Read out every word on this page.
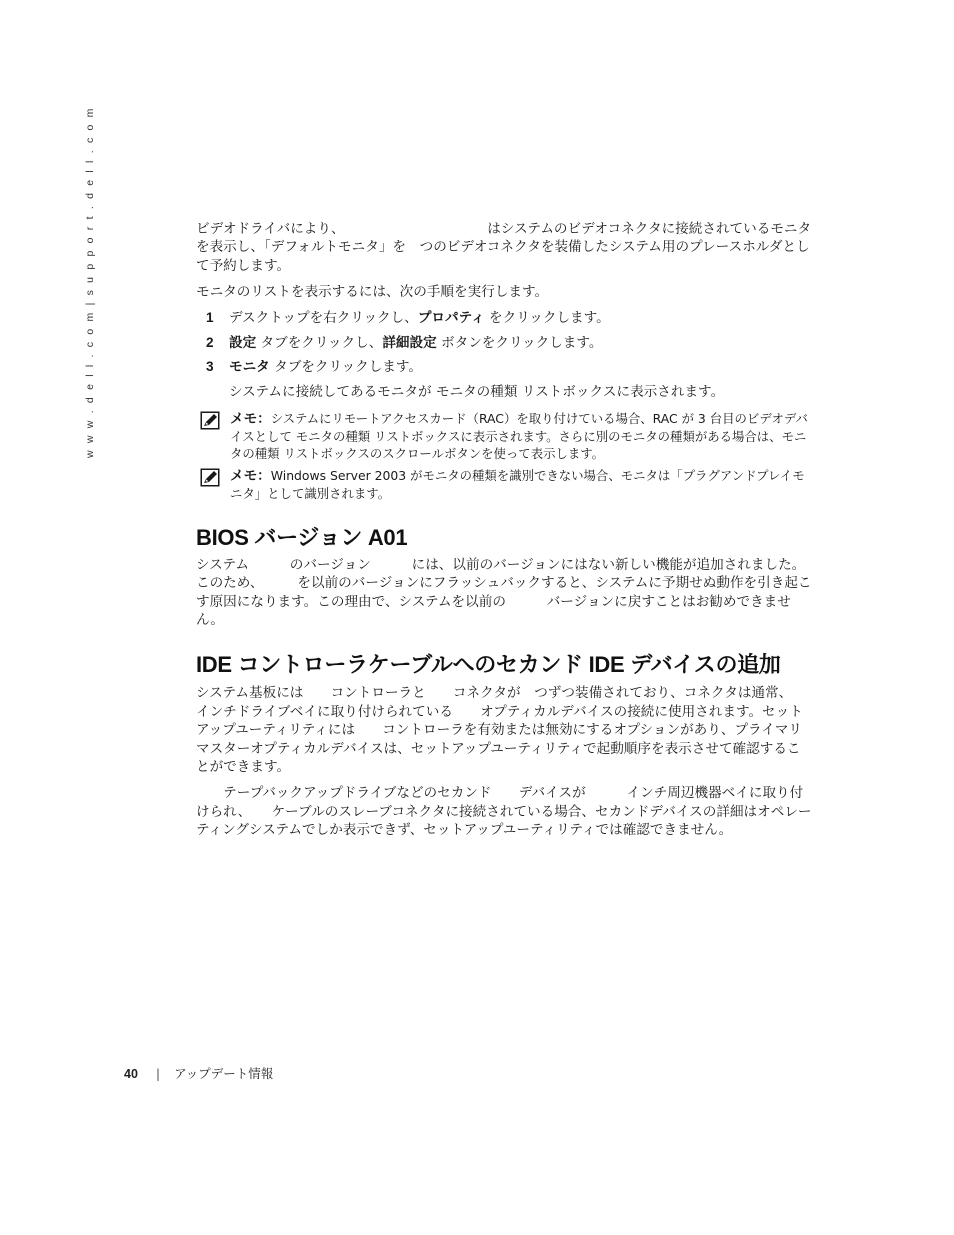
w w w . d e l l . c o m | s u p p o r t . d e l l . c o m	ビデオドライバにより、　　　　　　　　　　　はシステムのビデオコネクタに接続されているモニタを表示し、「デフォルトモニタ」を　つのビデオコネクタを装備したシステム用のプレースホルダとして予約します。

モニタのリストを表示するには、次の手順を実行します。

1 デスクトップを右クリックし、プロパティ をクリックします。
2 設定 タブをクリックし、詳細設定 ボタンをクリックします。
3 モニタ タブをクリックします。

システムに接続してあるモニタが モニタの種類 リストボックスに表示されます。

メモ：システムにリモートアクセスカード（RAC）を取り付けている場合、RAC が 3 台目のビデオデバイスとして モニタの種類 リストボックスに表示されます。さらに別のモニタの種類がある場合は、モニタの種類 リストボックスのスクロールボタンを使って表示します。
メモ：Windows Server 2003 がモニタの種類を識別できない場合、モニタは「プラグアンドプレイモニタ」として識別されます。
BIOS バージョン A01

システム　　　のバージョン　　　には、以前のバージョンにはない新しい機能が追加されました。このため、　　　を以前のバージョンにフラッシュバックすると、システムに予期せぬ動作を引き起こす原因になります。この理由で、システムを以前の　　　バージョンに戻すことはお勧めできません。

IDE コントローラケーブルへのセカンド IDE デバイスの追加

システム基板には　　コントローラと　　コネクタが　つずつ装備されており、コネクタは通常、　　　インチドライブベイに取り付けられている　　オプティカルデバイスの接続に使用されます。セットアップユーティリティには　　コントローラを有効または無効にするオプションがあり、プライマリマスターオプティカルデバイスは、セットアップユーティリティで起動順序を表示させて確認することができます。

　　テープバックアップドライブなどのセカンド　　デバイスが　　　インチ周辺機器ベイに取り付けられ、　　ケーブルのスレーブコネクタに接続されている場合、セカンドデバイスの詳細はオペレーティングシステムでしか表示できず、セットアップユーティリティでは確認できません。

40 | アップデート情報
